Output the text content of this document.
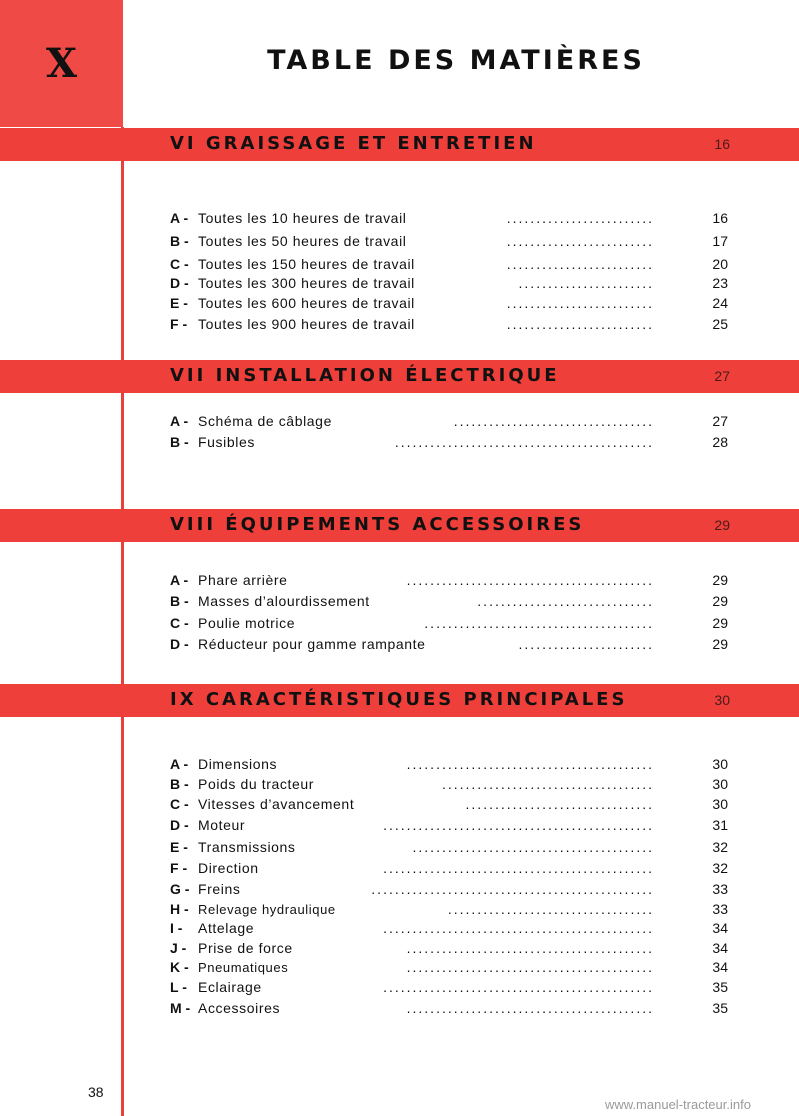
X	TABLE DES MATIÈRES
VI GRAISSAGE ET ENTRETIEN	16
A - Toutes les 10 heures de travail	.........................	16
B - Toutes les 50 heures de travail	.........................	17
C - Toutes les 150 heures de travail	.........................	20
D - Toutes les 300 heures de travail	.......................	23
E - Toutes les 600 heures de travail	.........................	24
F - Toutes les 900 heures de travail	.........................	25
VII INSTALLATION ÉLECTRIQUE	27
A - Schéma de câblage	..................................	27
B - Fusibles	............................................	28
VIII ÉQUIPEMENTS ACCESSOIRES	29
A - Phare arrière	..........................................	29
B - Masses d’alourdissement	..............................	29
C - Poulie motrice	.......................................	29
D - Réducteur pour gamme rampante	.......................	29
IX CARACTÉRISTIQUES PRINCIPALES	30
A - Dimensions	..........................................	30
B - Poids du tracteur	....................................	30
C - Vitesses d’avancement	................................	30
D - Moteur	..............................................	31
E - Transmissions	.........................................	32
F - Direction	..............................................	32
G - Freins	................................................	33
H - Relevage hydraulique	...................................	33
I - Attelage	..............................................	34
J - Prise de force	..........................................	34
K - Pneumatiques	..........................................	34
L - Eclairage	..............................................	35
M - Accessoires	..........................................	35
38
www.manuel-tracteur.info
